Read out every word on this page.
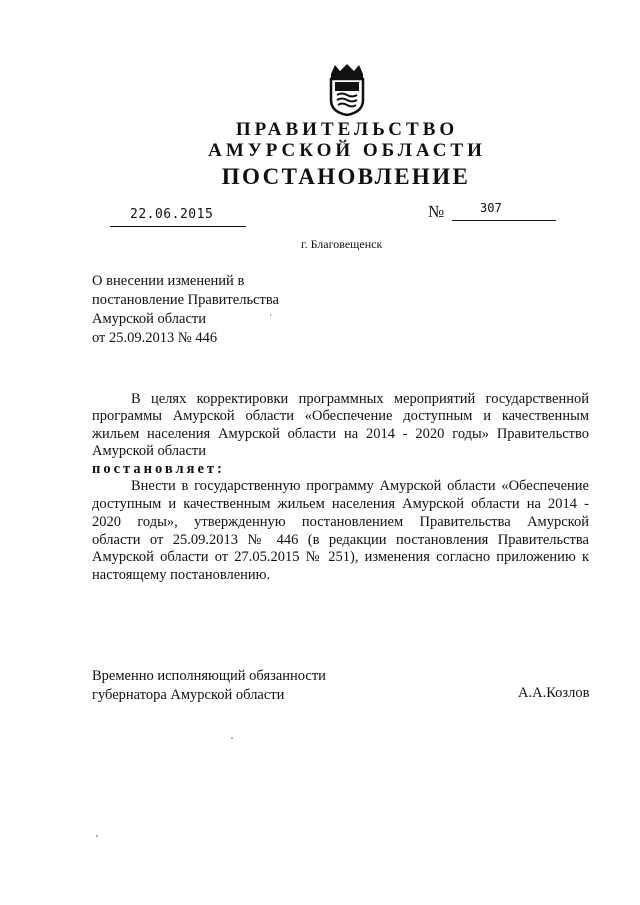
ПРАВИТЕЛЬСТВО
АМУРСКОЙ ОБЛАСТИ
ПОСТАНОВЛЕНИЕ
22.06.2015	№	307
г. Благовещенск
О внесении изменений в
постановление Правительства
Амурской области
от 25.09.2013 № 446
В целях корректировки программных мероприятий государственной
программы Амурской области «Обеспечение доступным и качественным
жильем населения Амурской области на 2014 - 2020 годы» Правительство
Амурской области
постановляет:
Внести в государственную программу Амурской области «Обеспечение
доступным и качественным жильем населения Амурской области на 2014 -
2020 годы», утвержденную постановлением Правительства Амурской
области от 25.09.2013 № 446 (в редакции постановления Правительства
Амурской области от 27.05.2015 № 251), изменения согласно приложению к
настоящему постановлению.
Временно исполняющий обязанности
губернатора Амурской области	А.А.Козлов
